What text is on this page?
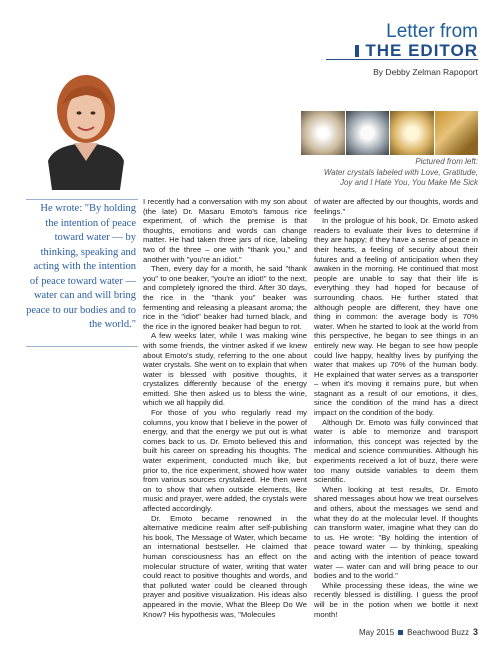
Letter from
THE EDITOR
By Debby Zelman Rapoport
Pictured from left:
Water crystals labeled with Love, Gratitude,
Joy and I Hate You, You Make Me Sick
He wrote: "By holding the intention of peace toward water — by thinking, speaking and acting with the intention of peace toward water — water can and will bring peace to our bodies and to the world."

I recently had a conversation with my son about (the late) Dr. Masaru Emoto's famous rice experiment, of which the premise is that thoughts, emotions and words can change matter. He had taken three jars of rice, labeling two of the three – one with "thank you," and another with "you're an idiot."

Then, every day for a month, he said "thank you" to one beaker, "you're an idiot!" to the next, and completely ignored the third. After 30 days, the rice in the "thank you" beaker was fermenting and releasing a pleasant aroma; the rice in the "idiot" beaker had turned black, and the rice in the ignored beaker had begun to rot.

A few weeks later, while I was making wine with some friends, the vintner asked if we knew about Emoto's study, referring to the one about water crystals. She went on to explain that when water is blessed with positive thoughts, it crystalizes differently because of the energy emitted. She then asked us to bless the wine, which we all happily did.

For those of you who regularly read my columns, you know that I believe in the power of energy, and that the energy we put out is what comes back to us. Dr. Emoto believed this and built his career on spreading his thoughts. The water experiment, conducted much like, but prior to, the rice experiment, showed how water from various sources crystalized. He then went on to show that when outside elements, like music and prayer, were added, the crystals were affected accordingly.

Dr. Emoto became renowned in the alternative medicine realm after self-publishing his book, The Message of Water, which became an international bestseller. He claimed that human consciousness has an effect on the molecular structure of water, writing that water could react to positive thoughts and words, and that polluted water could be cleaned through prayer and positive visualization. His ideas also appeared in the movie, What the Bleep Do We Know? His hypothesis was, "Molecules

of water are affected by our thoughts, words and feelings."

In the prologue of his book, Dr. Emoto asked readers to evaluate their lives to determine if they are happy; if they have a sense of peace in their hearts, a feeling of security about their futures and a feeling of anticipation when they awaken in the morning. He continued that most people are unable to say that their life is everything they had hoped for because of surrounding chaos. He further stated that although people are different, they have one thing in common: the average body is 70% water. When he started to look at the world from this perspective, he began to see things in an entirely new way. He began to see how people could live happy, healthy lives by purifying the water that makes up 70% of the human body. He explained that water serves as a transporter – when it's moving it remains pure, but when stagnant as a result of our emotions, it dies, since the condition of the mind has a direct impact on the condition of the body.

Although Dr. Emoto was fully convinced that water is able to memorize and transport information, this concept was rejected by the medical and science communities. Although his experiments received a lot of buzz, there were too many outside variables to deem them scientific.

When looking at test results, Dr. Emoto shared messages about how we treat ourselves and others, about the messages we send and what they do at the molecular level. If thoughts can transform water, imagine what they can do to us. He wrote: "By holding the intention of peace toward water — by thinking, speaking and acting with the intention of peace toward water — water can and will bring peace to our bodies and to the world."

While processing these ideas, the wine we recently blessed is distilling. I guess the proof will be in the potion when we bottle it next month!

May 2015 Beachwood Buzz 3
